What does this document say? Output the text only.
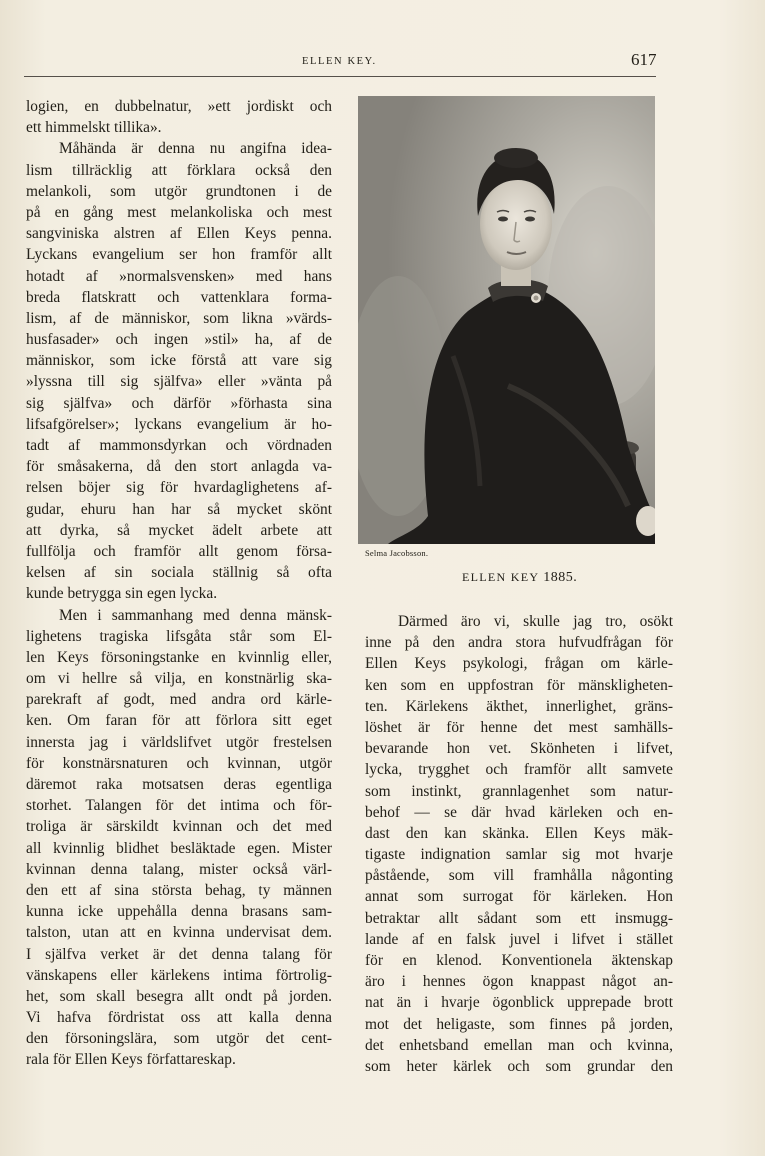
ELLEN KEY.	617
logien, en dubbelnatur, »ett jordiskt och
ett himmelskt tillika».
Måhända är denna nu angifna idea-
lism tillräcklig att förklara också den
melankoli, som utgör grundtonen i de
på en gång mest melankoliska och mest
sangviniska alstren af Ellen Keys penna.
Lyckans evangelium ser hon framför allt
hotadt af »normalsvensken» med hans
breda flatskratt och vattenklara forma-
lism, af de människor, som likna »värds-
husfasader» och ingen »stil» ha, af de
människor, som icke förstå att vare sig
»lyssna till sig själfva» eller »vänta på
sig själfva» och därför »förhasta sina
lifsafgörelser»; lyckans evangelium är ho-
tadt af mammonsdyrkan och vördnaden
för småsakerna, då den stort anlagda va-
relsen böjer sig för hvardaglighetens af-
gudar, ehuru han har så mycket skönt
att dyrka, så mycket ädelt arbete att
fullfölja och framför allt genom försa-
kelsen af sin sociala ställnig så ofta
kunde betrygga sin egen lycka.
Men i sammanhang med denna mänsk-
lighetens tragiska lifsgåta står som El-
len Keys försoningstanke en kvinnlig eller,
om vi hellre så vilja, en konstnärlig ska-
parekraft af godt, med andra ord kärle-
ken. Om faran för att förlora sitt eget
innersta jag i världslifvet utgör frestelsen
för konstnärsnaturen och kvinnan, utgör
däremot raka motsatsen deras egentliga
storhet. Talangen för det intima och för-
troliga är särskildt kvinnan och det med
all kvinnlig blidhet besläktade egen. Mister
kvinnan denna talang, mister också värl-
den ett af sina största behag, ty männen
kunna icke uppehålla denna brasans sam-
talston, utan att en kvinna undervisat dem.
I själfva verket är det denna talang för
vänskapens eller kärlekens intima förtrolig-
het, som skall besegra allt ondt på jorden.
Vi hafva fördristat oss att kalla denna
den försoningslära, som utgör det cent-
rala för Ellen Keys författareskap.
Selma Jacobsson.
ELLEN KEY 1885.
Därmed äro vi, skulle jag tro, osökt
inne på den andra stora hufvudfrågan för
Ellen Keys psykologi, frågan om kärle-
ken som en uppfostran för mänskligheten-
ten. Kärlekens äkthet, innerlighet, gräns-
löshet är för henne det mest samhälls-
bevarande hon vet. Skönheten i lifvet,
lycka, trygghet och framför allt samvete
som instinkt, grannlagenhet som natur-
behof — se där hvad kärleken och en-
dast den kan skänka. Ellen Keys mäk-
tigaste indignation samlar sig mot hvarje
påstående, som vill framhålla någonting
annat som surrogat för kärleken. Hon
betraktar allt sådant som ett insmugg-
lande af en falsk juvel i lifvet i stället
för en klenod. Konventionela äktenskap
äro i hennes ögon knappast något an-
nat än i hvarje ögonblick upprepade brott
mot det heligaste, som finnes på jorden,
det enhetsband emellan man och kvinna,
som heter kärlek och som grundar den
